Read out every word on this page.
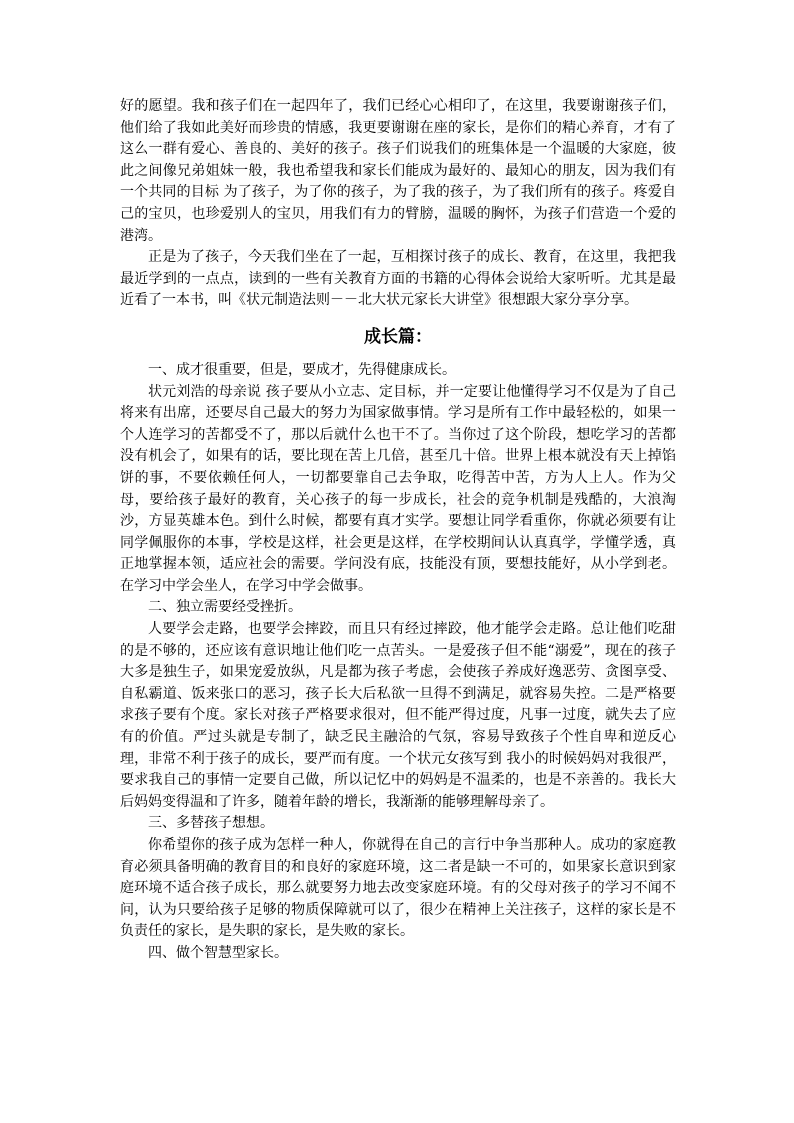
好的愿望。我和孩子们在一起四年了，我们已经心心相印了，在这里，我要谢谢孩子们，他们给了我如此美好而珍贵的情感，我更要谢谢在座的家长，是你们的精心养育，才有了这么一群有爱心、善良的、美好的孩子。孩子们说我们的班集体是一个温暖的大家庭，彼此之间像兄弟姐妹一般，我也希望我和家长们能成为最好的、最知心的朋友，因为我们有一个共同的目标 为了孩子，为了你的孩子，为了我的孩子，为了我们所有的孩子。疼爱自己的宝贝，也珍爱别人的宝贝，用我们有力的臂膀，温暖的胸怀，为孩子们营造一个爱的港湾。

正是为了孩子，今天我们坐在了一起，互相探讨孩子的成长、教育，在这里，我把我最近学到的一点点，读到的一些有关教育方面的书籍的心得体会说给大家听听。尤其是最近看了一本书，叫《状元制造法则－－北大状元家长大讲堂》很想跟大家分享分享。

成长篇：

一、成才很重要，但是，要成才，先得健康成长。

状元刘浩的母亲说 孩子要从小立志、定目标，并一定要让他懂得学习不仅是为了自己将来有出席，还要尽自己最大的努力为国家做事情。学习是所有工作中最轻松的，如果一个人连学习的苦都受不了，那以后就什么也干不了。当你过了这个阶段，想吃学习的苦都没有机会了，如果有的话，要比现在苦上几倍，甚至几十倍。世界上根本就没有天上掉馅饼的事，不要依赖任何人，一切都要靠自己去争取，吃得苦中苦，方为人上人。作为父母，要给孩子最好的教育，关心孩子的每一步成长，社会的竞争机制是残酷的，大浪淘沙，方显英雄本色。到什么时候，都要有真才实学。要想让同学看重你，你就必须要有让同学佩服你的本事，学校是这样，社会更是这样，在学校期间认认真真学，学懂学透，真正地掌握本领，适应社会的需要。学问没有底，技能没有顶，要想技能好，从小学到老。在学习中学会坐人，在学习中学会做事。

二、独立需要经受挫折。

人要学会走路，也要学会摔跤，而且只有经过摔跤，他才能学会走路。总让他们吃甜的是不够的，还应该有意识地让他们吃一点苦头。一是爱孩子但不能“溺爱”，现在的孩子大多是独生子，如果宠爱放纵，凡是都为孩子考虑，会使孩子养成好逸恶劳、贪图享受、自私霸道、饭来张口的恶习，孩子长大后私欲一旦得不到满足，就容易失控。二是严格要求孩子要有个度。家长对孩子严格要求很对，但不能严得过度，凡事一过度，就失去了应有的价值。严过头就是专制了，缺乏民主融洽的气氛，容易导致孩子个性自卑和逆反心理，非常不利于孩子的成长，要严而有度。一个状元女孩写到 我小的时候妈妈对我很严，要求我自己的事情一定要自己做，所以记忆中的妈妈是不温柔的，也是不亲善的。我长大后妈妈变得温和了许多，随着年龄的增长，我渐渐的能够理解母亲了。

三、多替孩子想想。

你希望你的孩子成为怎样一种人，你就得在自己的言行中争当那种人。成功的家庭教育必须具备明确的教育目的和良好的家庭环境，这二者是缺一不可的，如果家长意识到家庭环境不适合孩子成长，那么就要努力地去改变家庭环境。有的父母对孩子的学习不闻不问，认为只要给孩子足够的物质保障就可以了，很少在精神上关注孩子，这样的家长是不负责任的家长，是失职的家长，是失败的家长。

四、做个智慧型家长。
